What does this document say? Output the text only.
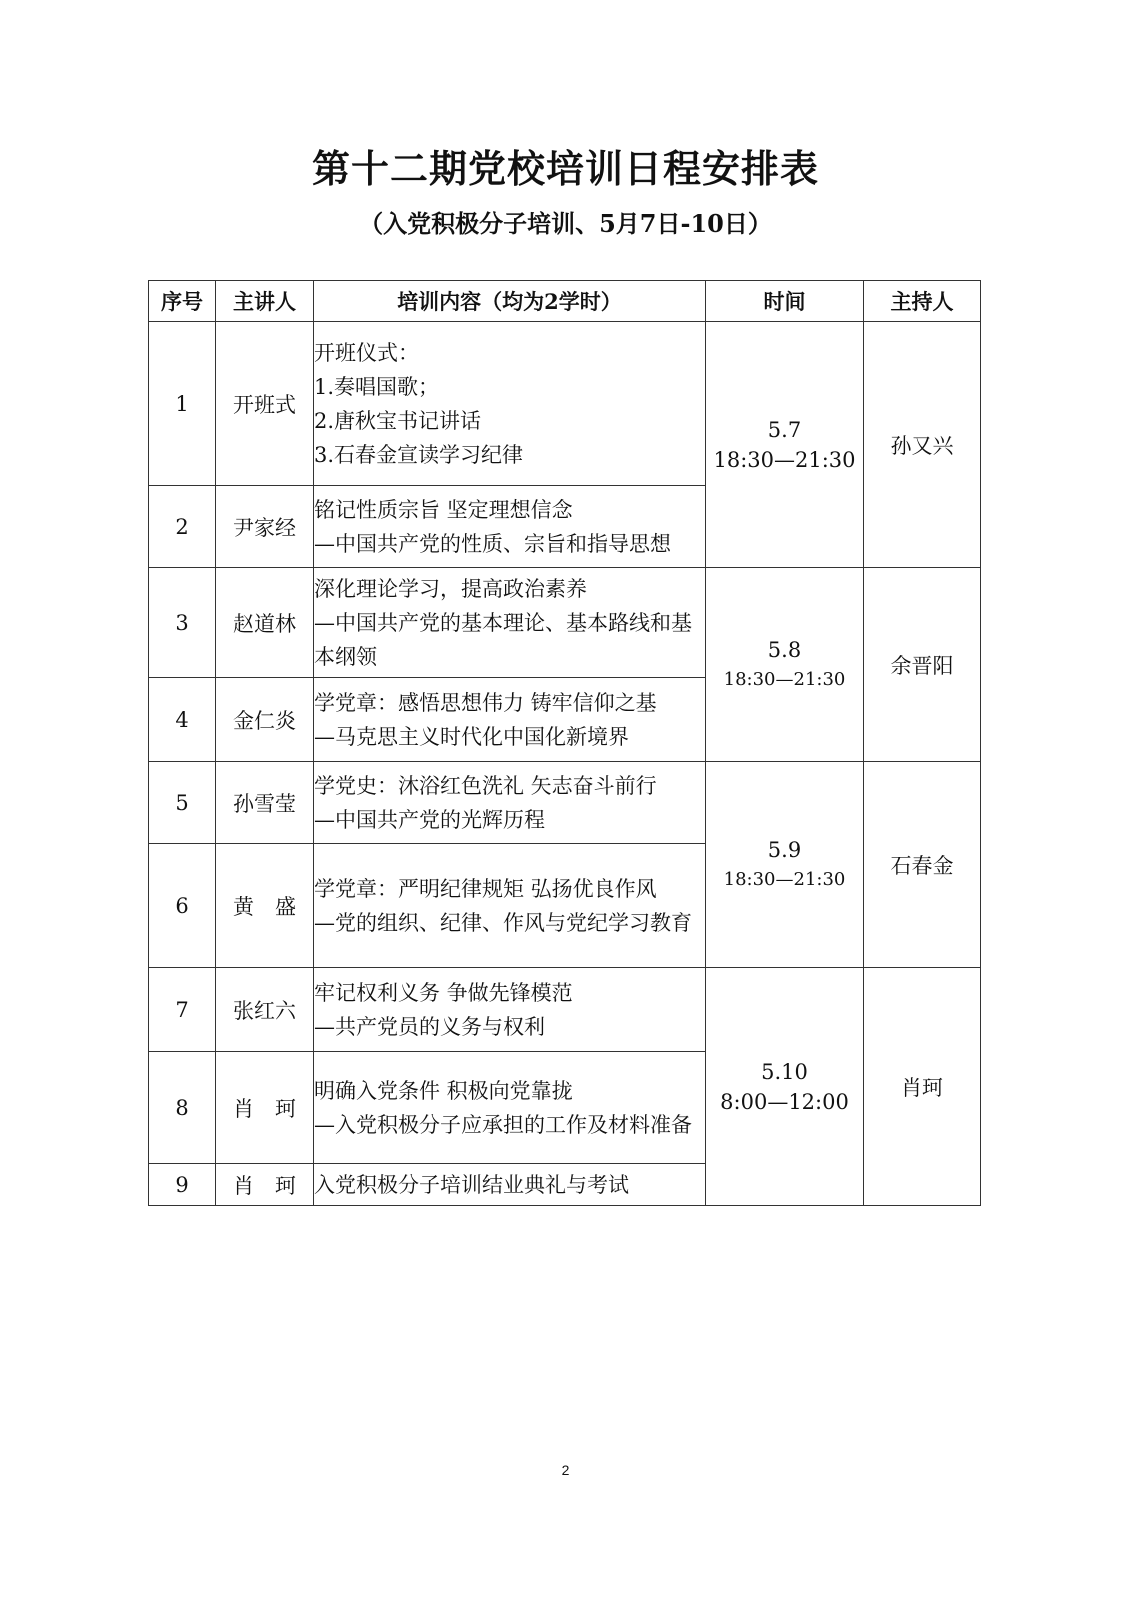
第十二期党校培训日程安排表
（入党积极分子培训、5月7日-10日）
序号	主讲人	培训内容（均为2学时）	时间	主持人
1	开班式	开班仪式：
1.奏唱国歌；
2.唐秋宝书记讲话
3.石春金宣读学习纪律	5.7
18:30—21:30	孙又兴
2	尹家经	铭记性质宗旨 坚定理想信念
—中国共产党的性质、宗旨和指导思想		

3	赵道林	深化理论学习，提高政治素养
—中国共产党的基本理论、基本路线和基本纲领	5.8
18:30—21:30	余晋阳
4	金仁炎	学党章：感悟思想伟力 铸牢信仰之基
—马克思主义时代化中国化新境界		

5	孙雪莹	学党史：沐浴红色洗礼 矢志奋斗前行
—中国共产党的光辉历程	5.9
18:30—21:30	石春金
6	黄　盛	学党章：严明纪律规矩 弘扬优良作风
—党的组织、纪律、作风与党纪学习教育		

7	张红六	牢记权利义务 争做先锋模范
—共产党员的义务与权利	5.10
8:00—12:00	肖珂
8	肖　珂	明确入党条件 积极向党靠拢
—入党积极分子应承担的工作及材料准备		

9	肖　珂	入党积极分子培训结业典礼与考试		
2
